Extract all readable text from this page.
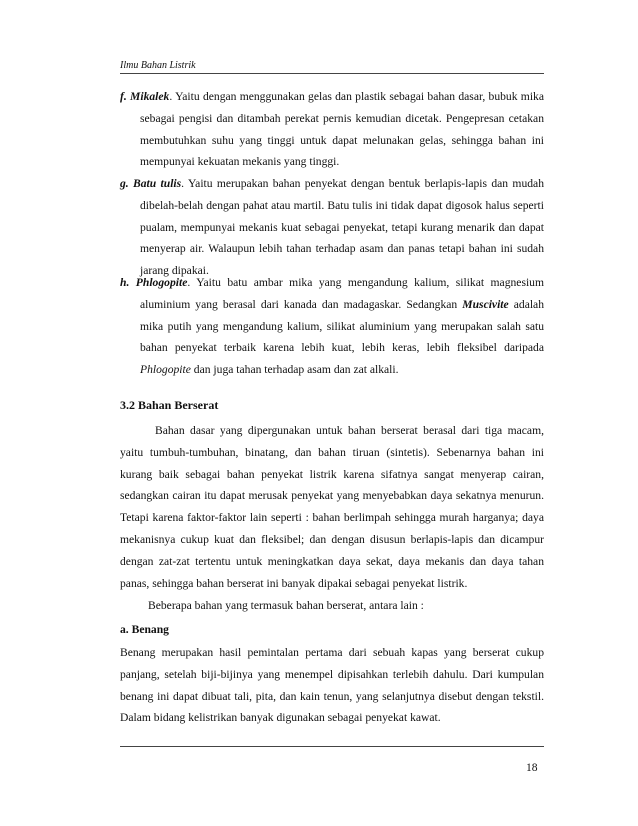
Ilmu Bahan Listrik
f. Mikalek. Yaitu dengan menggunakan gelas dan plastik sebagai bahan dasar, bubuk mika sebagai pengisi dan ditambah perekat pernis kemudian dicetak. Pengepresan cetakan membutuhkan suhu yang tinggi untuk dapat melunakan gelas, sehingga bahan ini mempunyai kekuatan mekanis yang tinggi.
g. Batu tulis. Yaitu merupakan bahan penyekat dengan bentuk berlapis-lapis dan mudah dibelah-belah dengan pahat atau martil. Batu tulis ini tidak dapat digosok halus seperti pualam, mempunyai mekanis kuat sebagai penyekat, tetapi kurang menarik dan dapat menyerap air. Walaupun lebih tahan terhadap asam dan panas tetapi bahan ini sudah jarang dipakai.
h. Phlogopite. Yaitu batu ambar mika yang mengandung kalium, silikat magnesium aluminium yang berasal dari kanada dan madagaskar. Sedangkan Muscivite adalah mika putih yang mengandung kalium, silikat aluminium yang merupakan salah satu bahan penyekat terbaik karena lebih kuat, lebih keras, lebih fleksibel daripada Phlogopite dan juga tahan terhadap asam dan zat alkali.
3.2 Bahan Berserat
Bahan dasar yang dipergunakan untuk bahan berserat berasal dari tiga macam, yaitu tumbuh-tumbuhan, binatang, dan bahan tiruan (sintetis). Sebenarnya bahan ini kurang baik sebagai bahan penyekat listrik karena sifatnya sangat menyerap cairan, sedangkan cairan itu dapat merusak penyekat yang menyebabkan daya sekatnya menurun. Tetapi karena faktor-faktor lain seperti : bahan berlimpah sehingga murah harganya; daya mekanisnya cukup kuat dan fleksibel; dan dengan disusun berlapis-lapis dan dicampur dengan zat-zat tertentu untuk meningkatkan daya sekat, daya mekanis dan daya tahan panas, sehingga bahan berserat ini banyak dipakai sebagai penyekat listrik.
Beberapa bahan yang termasuk bahan berserat, antara lain :
a. Benang
Benang merupakan hasil pemintalan pertama dari sebuah kapas yang berserat cukup panjang, setelah biji-bijinya yang menempel dipisahkan terlebih dahulu. Dari kumpulan benang ini dapat dibuat tali, pita, dan kain tenun, yang selanjutnya disebut dengan tekstil. Dalam bidang kelistrikan banyak digunakan sebagai penyekat kawat.
18
